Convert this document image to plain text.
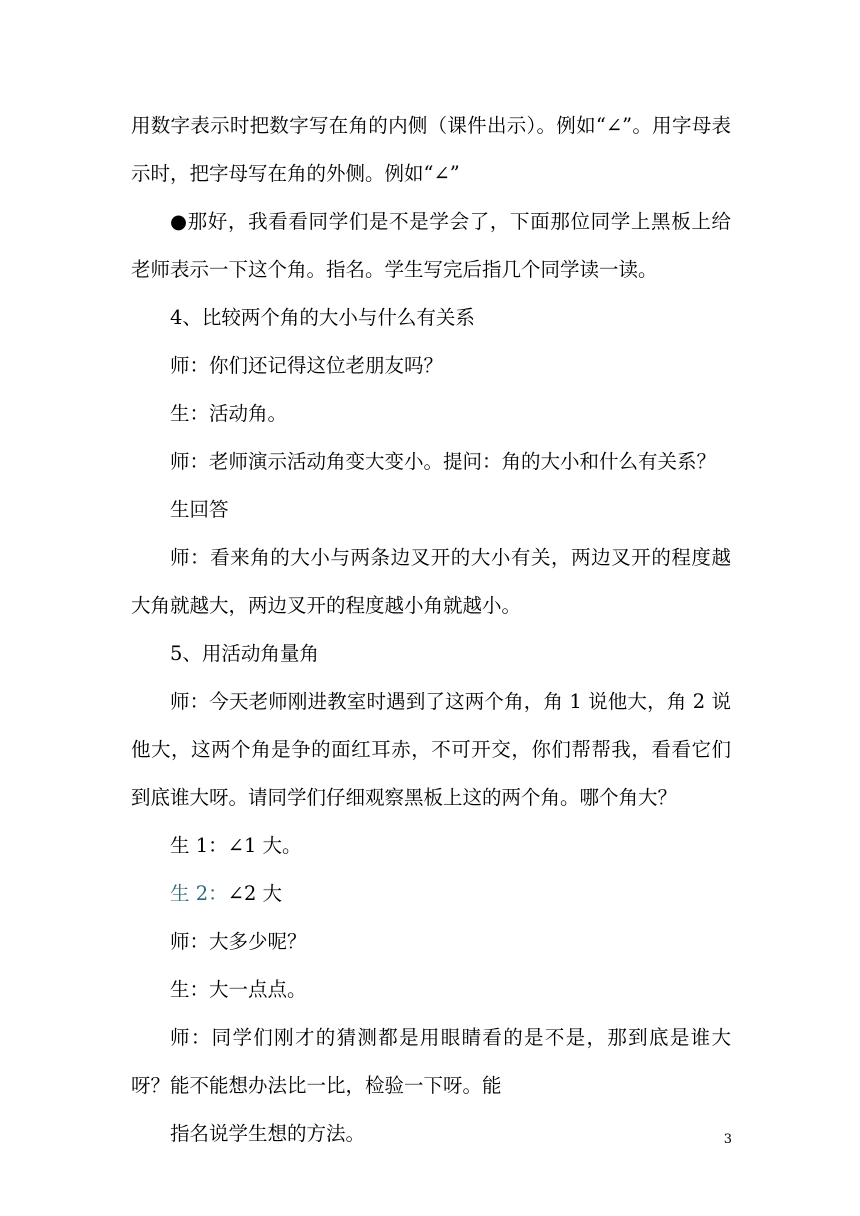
用数字表示时把数字写在角的内侧（课件出示）。例如“∠”。用字母表示时，把字母写在角的外侧。例如“∠”

●那好，我看看同学们是不是学会了，下面那位同学上黑板上给老师表示一下这个角。指名。学生写完后指几个同学读一读。

4、比较两个角的大小与什么有关系

师：你们还记得这位老朋友吗？

生：活动角。

师：老师演示活动角变大变小。提问：角的大小和什么有关系？

生回答

师：看来角的大小与两条边叉开的大小有关，两边叉开的程度越大角就越大，两边叉开的程度越小角就越小。

5、用活动角量角

师：今天老师刚进教室时遇到了这两个角，角 1 说他大，角 2 说他大，这两个角是争的面红耳赤，不可开交，你们帮帮我，看看它们到底谁大呀。请同学们仔细观察黑板上这的两个角。哪个角大？

生 1：∠1 大。

生 2：∠2 大

师：大多少呢？

生：大一点点。

师：同学们刚才的猜测都是用眼睛看的是不是，那到底是谁大呀？能不能想办法比一比，检验一下呀。能

指名说学生想的方法。	3
